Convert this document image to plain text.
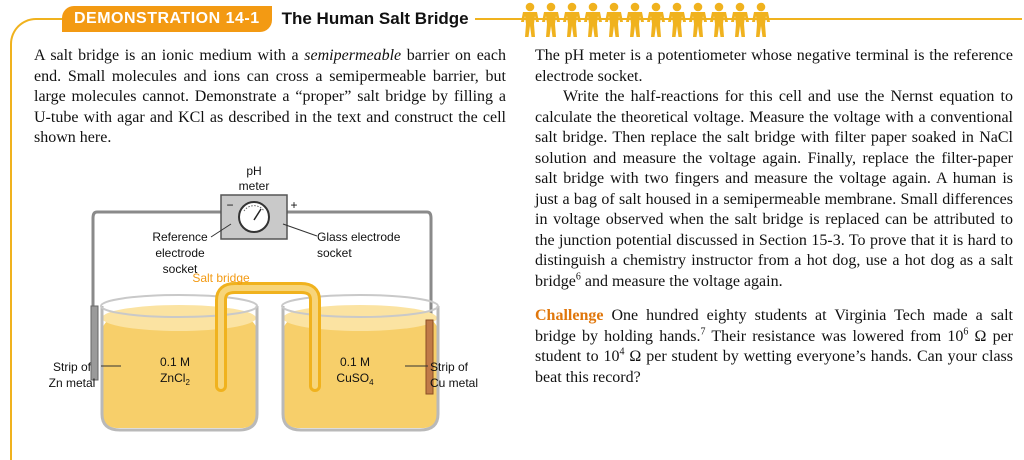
DEMONSTRATION 14-1	The Human Salt Bridge
A salt bridge is an ionic medium with a semipermeable barrier on each end. Small molecules and ions can cross a semipermeable barrier, but large molecules cannot. Demonstrate a “proper” salt bridge by filling a U-tube with agar and KCl as described in the text and construct the cell shown here.
pH
meter
−	+
Salt bridge
Reference
electrode
socket
Glass electrode
socket
0.1 M
ZnCl$_2$
0.1 M
CuSO$_4$
Strip of
Zn metal
Strip of
Cu metal

The pH meter is a potentiometer whose negative terminal is the reference electrode socket.

Write the half-reactions for this cell and use the Nernst equation to calculate the theoretical voltage. Measure the voltage with a conventional salt bridge. Then replace the salt bridge with filter paper soaked in NaCl solution and measure the voltage again. Finally, replace the filter-paper salt bridge with two fingers and measure the voltage again. A human is just a bag of salt housed in a semipermeable membrane. Small differences in voltage observed when the salt bridge is replaced can be attributed to the junction potential discussed in Section 15-3. To prove that it is hard to distinguish a chemistry instructor from a hot dog, use a hot dog as a salt bridge$^6$ and measure the voltage again.

Challenge One hundred eighty students at Virginia Tech made a salt bridge by holding hands.$^7$ Their resistance was lowered from $10^6$ Ω per student to $10^4$ Ω per student by wetting everyone’s hands. Can your class beat this record?
